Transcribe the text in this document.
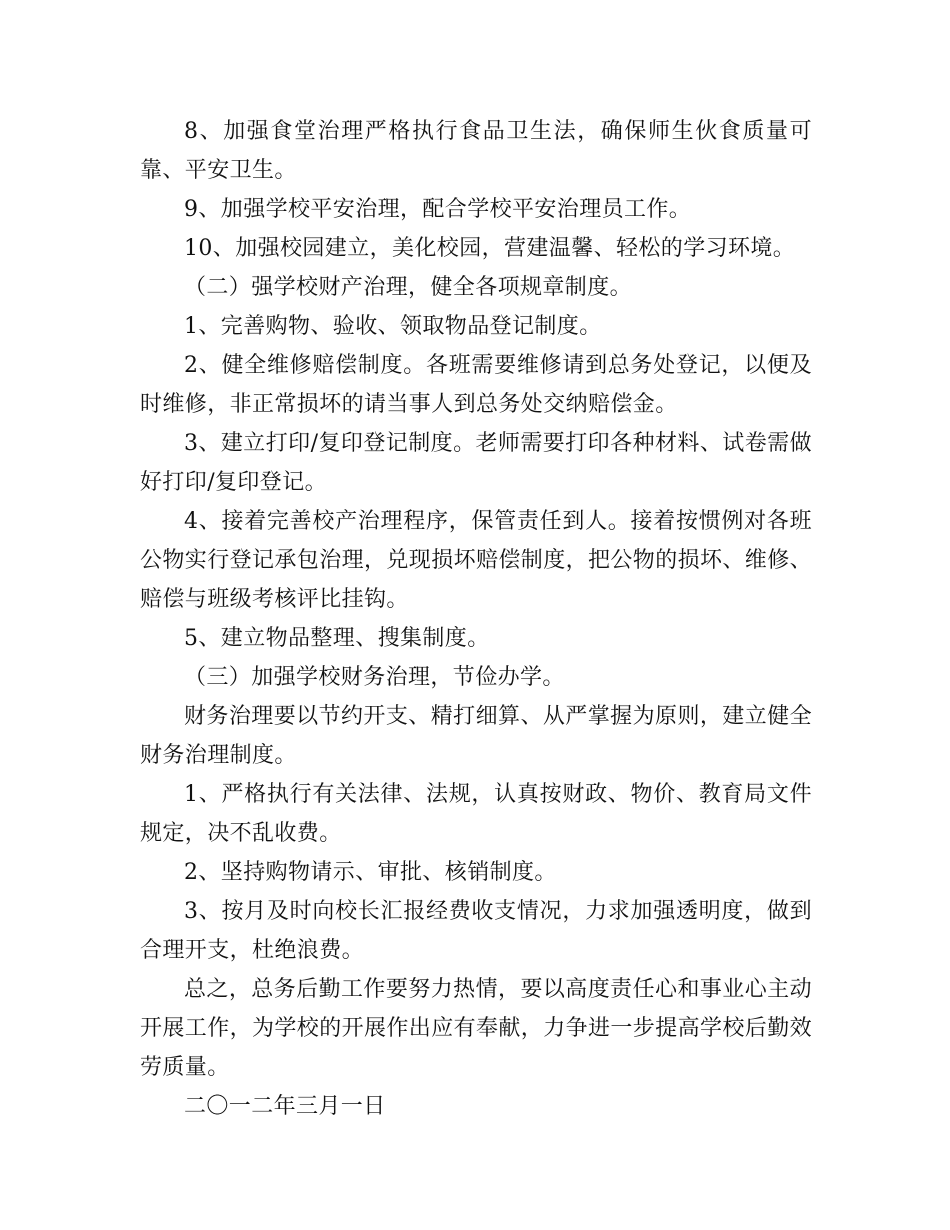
8、加强食堂治理严格执行食品卫生法，确保师生伙食质量可靠、平安卫生。

9、加强学校平安治理，配合学校平安治理员工作。

10、加强校园建立，美化校园，营建温馨、轻松的学习环境。

（二）强学校财产治理，健全各项规章制度。

1、完善购物、验收、领取物品登记制度。

2、健全维修赔偿制度。各班需要维修请到总务处登记，以便及时维修，非正常损坏的请当事人到总务处交纳赔偿金。

3、建立打印/复印登记制度。老师需要打印各种材料、试卷需做好打印/复印登记。

4、接着完善校产治理程序，保管责任到人。接着按惯例对各班公物实行登记承包治理，兑现损坏赔偿制度，把公物的损坏、维修、赔偿与班级考核评比挂钩。

5、建立物品整理、搜集制度。

（三）加强学校财务治理，节俭办学。

财务治理要以节约开支、精打细算、从严掌握为原则，建立健全财务治理制度。

1、严格执行有关法律、法规，认真按财政、物价、教育局文件规定，决不乱收费。

2、坚持购物请示、审批、核销制度。

3、按月及时向校长汇报经费收支情况，力求加强透明度，做到合理开支，杜绝浪费。

总之，总务后勤工作要努力热情，要以高度责任心和事业心主动开展工作，为学校的开展作出应有奉献，力争进一步提高学校后勤效劳质量。

二〇一二年三月一日
